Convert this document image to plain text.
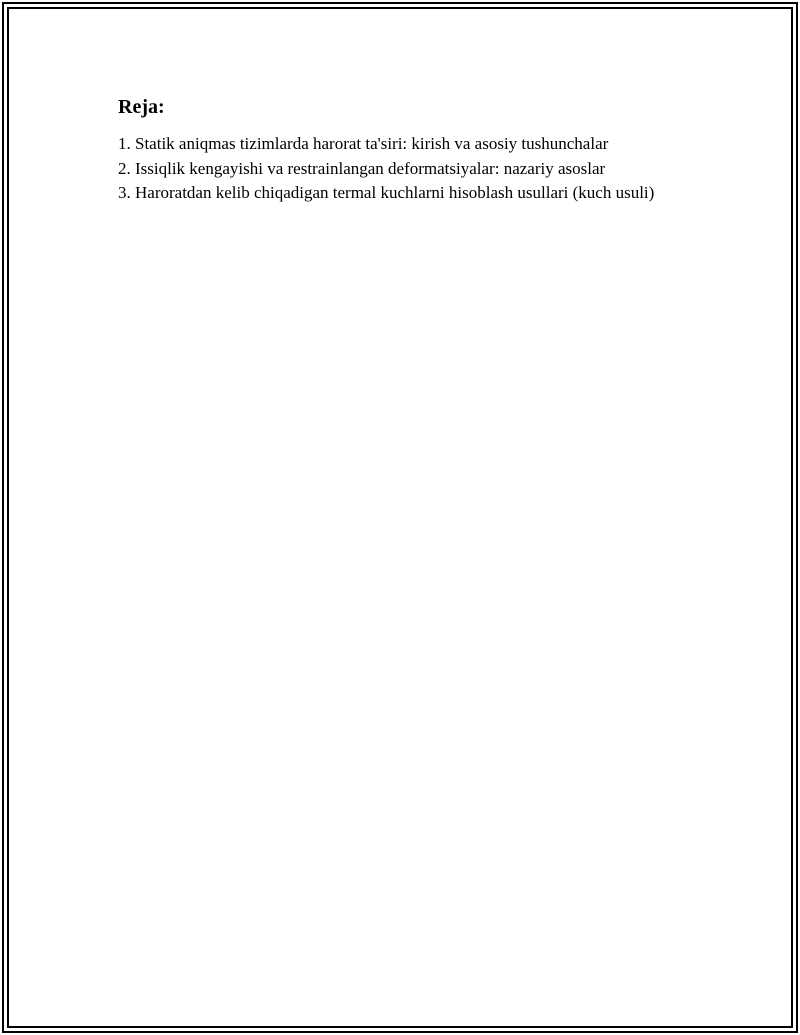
Reja:
1. Statik aniqmas tizimlarda harorat ta'siri: kirish va asosiy tushunchalar
2. Issiqlik kengayishi va restrainlangan deformatsiyalar: nazariy asoslar
3. Haroratdan kelib chiqadigan termal kuchlarni hisoblash usullari (kuch usuli)
